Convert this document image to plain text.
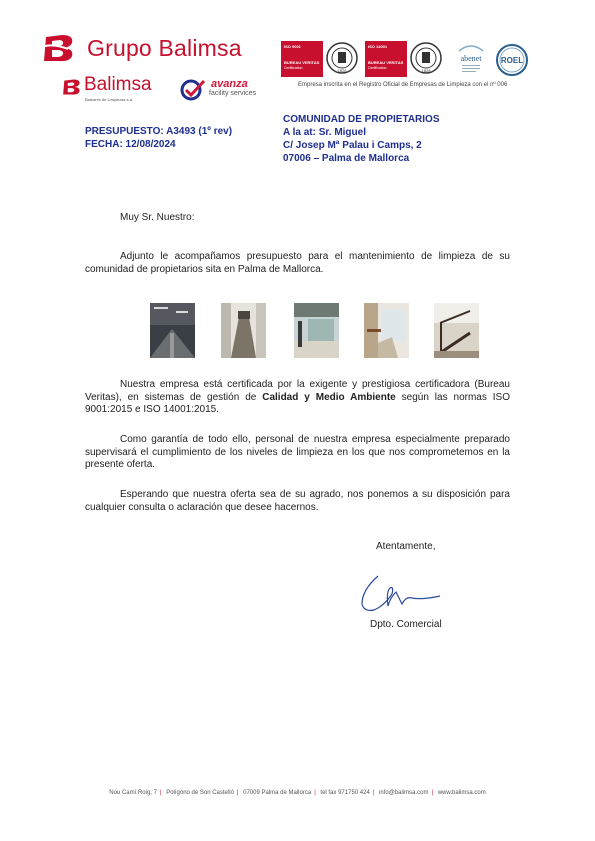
Grupo Balimsa
Balimsa
Baleares de Limpiezas s.a.
avanza
facility services
ISO 9001
BUREAU VERITAS
Certification	1828
ISO 14001
BUREAU VERITAS
Certification	1828
abenet ROEL
Empresa inscrita en el Registro Oficial de Empresas de Limpieza con el nº 006
PRESUPUESTO: A3493 (1º rev)
FECHA: 12/08/2024
COMUNIDAD DE PROPIETARIOS
A la at: Sr. Miguel
C/ Josep Mª Palau i Camps, 2
07006 – Palma de Mallorca
Muy Sr. Nuestro:
Adjunto le acompañamos presupuesto para el mantenimiento de limpieza de su comunidad de propietarios sita en Palma de Mallorca.
Nuestra empresa está certificada por la exigente y prestigiosa certificadora (Bureau Veritas), en sistemas de gestión de Calidad y Medio Ambiente según las normas ISO 9001:2015 e ISO 14001:2015.
Como garantía de todo ello, personal de nuestra empresa especialmente preparado supervisará el cumplimiento de los niveles de limpieza en los que nos comprometemos en la presente oferta.
Esperando que nuestra oferta sea de su agrado, nos ponemos a su disposición para cualquier consulta o aclaración que desee hacernos.
Atentamente,
Dpto. Comercial
Nou Camí Roig, 7 | Polígono de Son Castelló | 07009 Palma de Mallorca | tel fax 971750 424 | info@balimsa.com | www.balimsa.com
